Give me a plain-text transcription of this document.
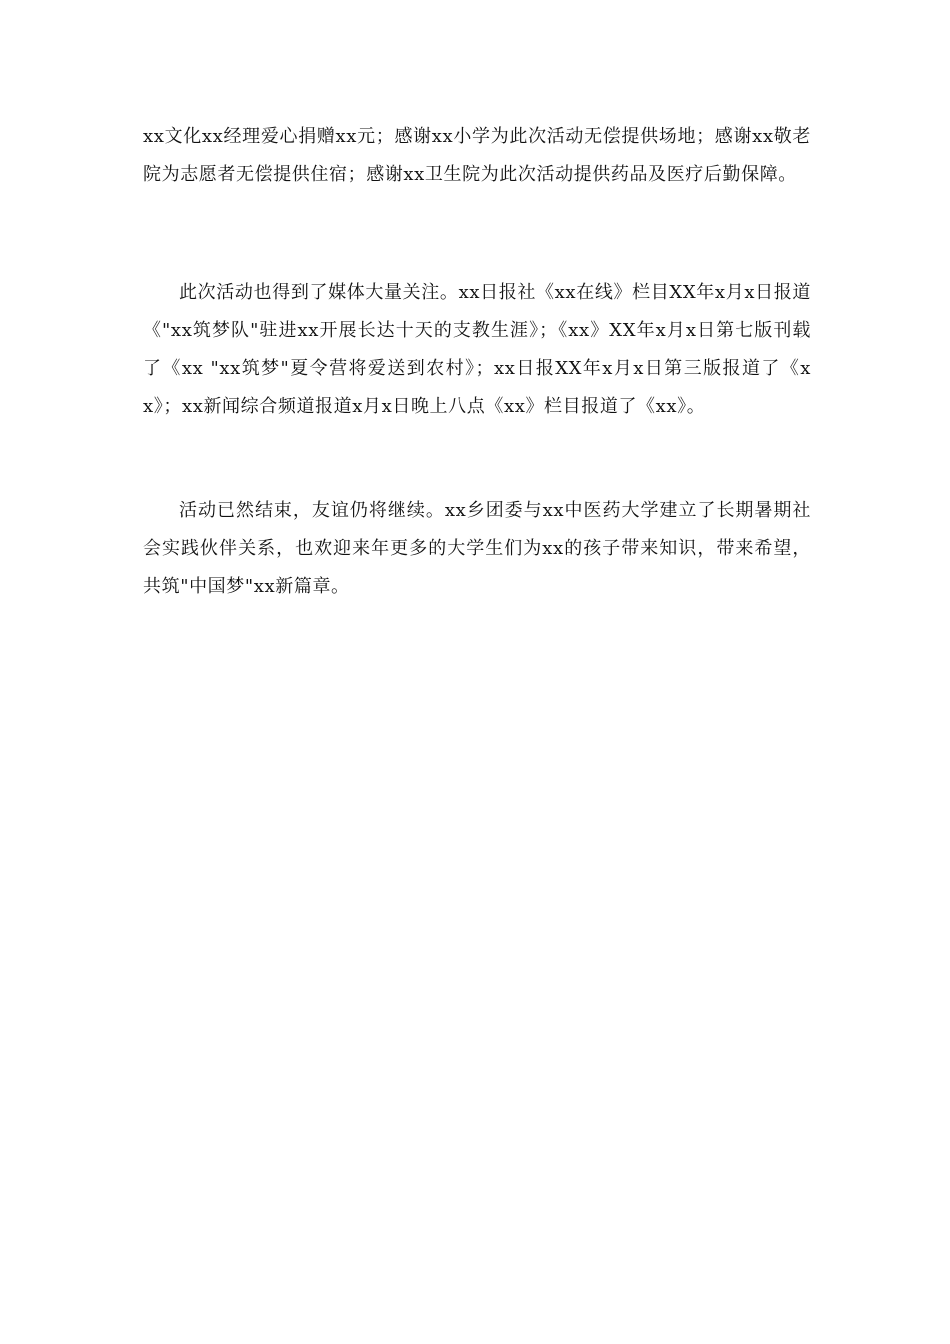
xx文化xx经理爱心捐赠xx元；感谢xx小学为此次活动无偿提供场地；感谢xx敬老院为志愿者无偿提供住宿；感谢xx卫生院为此次活动提供药品及医疗后勤保障。

此次活动也得到了媒体大量关注。xx日报社《xx在线》栏目XX年x月x日报道《"xx筑梦队"驻进xx开展长达十天的支教生涯》；《xx》XX年x月x日第七版刊载了《xx "xx筑梦"夏令营将爱送到农村》；xx日报XX年x月x日第三版报道了《xx》；xx新闻综合频道报道x月x日晚上八点《xx》栏目报道了《xx》。

活动已然结束，友谊仍将继续。xx乡团委与xx中医药大学建立了长期暑期社会实践伙伴关系，也欢迎来年更多的大学生们为xx的孩子带来知识，带来希望，共筑"中国梦"xx新篇章。
